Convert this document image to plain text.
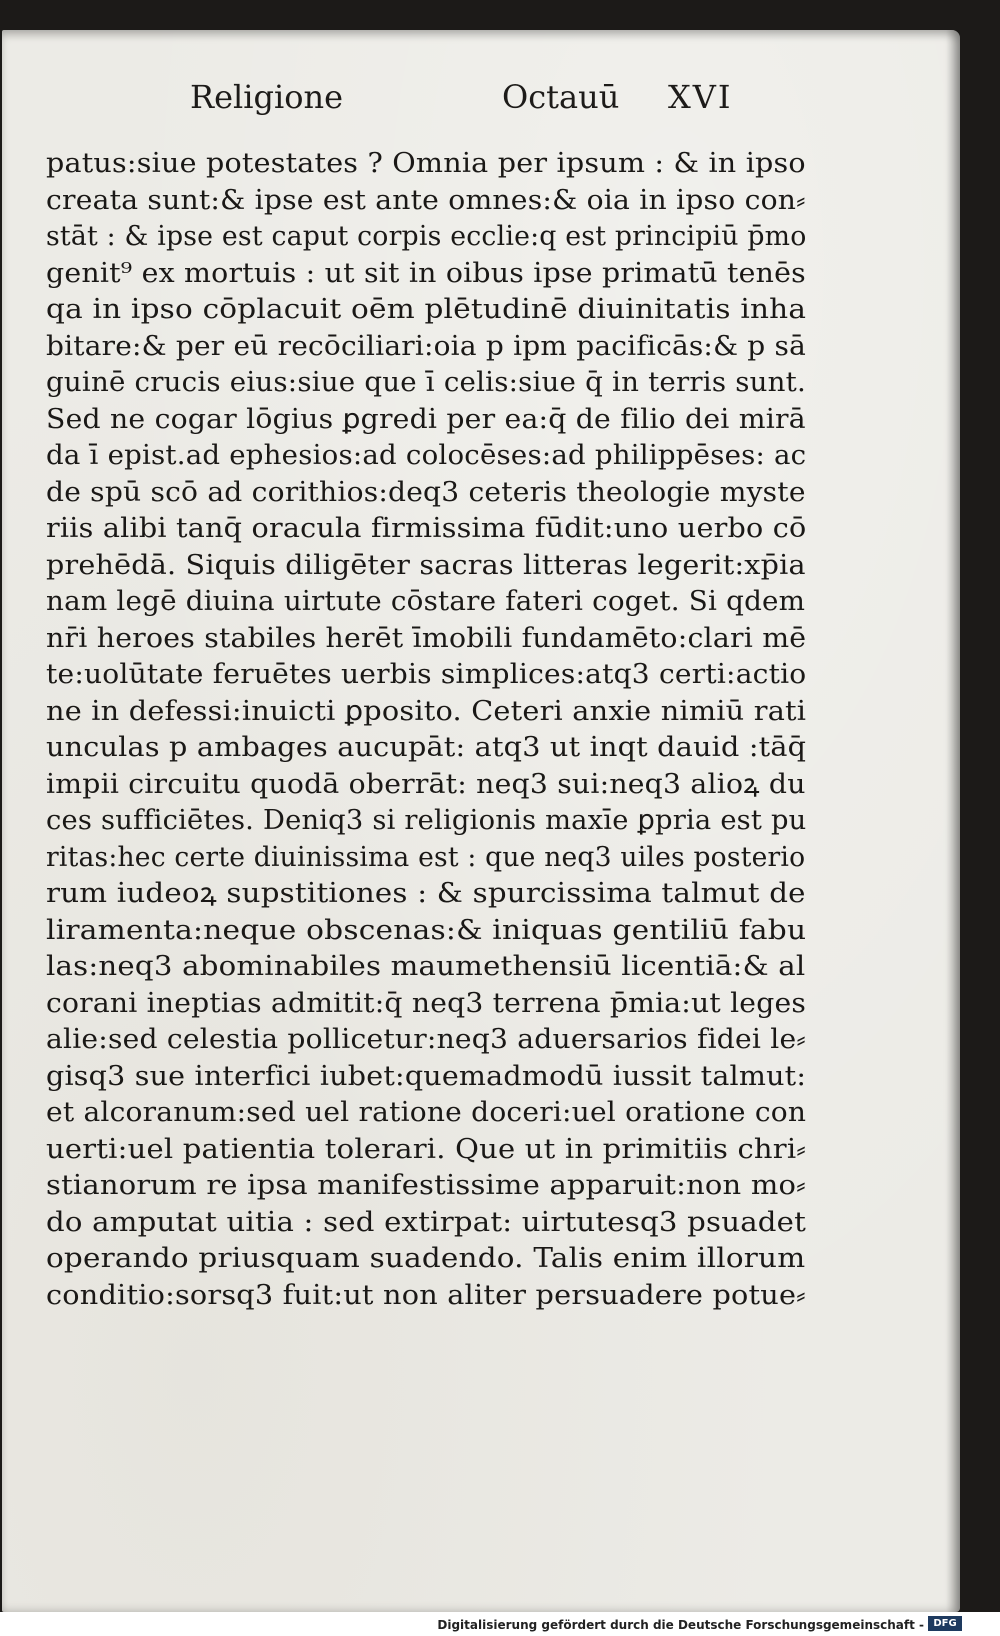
Religione	Octauū XVI
patus:siue potestates ? Omnia per ipsum : & in ipso
creata sunt:& ipse est ante omnes:& oia in ipso con⸗
stāt : & ipse est caput corpis ecclie:q est principiū p̄mo
genit⁹ ex mortuis : ut sit in oibus ipse primatū tenēs
qa in ipso cōplacuit oēm plētudinē diuinitatis inha
bitare:& per eū recōciliari:oia p ipm pacificās:& p sā
guinē crucis eius:siue que ī celis:siue q̄ in terris sunt.
Sed ne cogar lōgius ꝑgredi per ea:q̄ de filio dei mirā
da ī epist.ad ephesios:ad colocēses:ad philippēses: ac
de spū scō ad corithios:deq3 ceteris theologie myste
riis alibi tanq̄ oracula firmissima fūdit:uno uerbo cō
prehēdā. Siquis diligēter sacras litteras legerit:xp̄ia
nam legē diuina uirtute cōstare fateri coget. Si qdem
nr̄i heroes stabiles herēt īmobili fundamēto:clari mē
te:uolūtate feruētes uerbis simplices:atq3 certi:actio
ne in defessi:inuicti ꝑposito. Ceteri anxie nimiū rati
unculas p ambages aucupāt: atq3 ut inqt dauid :tāq̄
impii circuitu quodā oberrāt: neq3 sui:neq3 alioꝝ du
ces sufficiētes. Deniq3 si religionis maxīe ꝑpria est pu
ritas:hec certe diuinissima est : que neq3 uiles posterio
rum iudeoꝝ supstitiones : & spurcissima talmut de
liramenta:neque obscenas:& iniquas gentiliū fabu
las:neq3 abominabiles maumethensiū licentiā:& al
corani ineptias admitit:q̄ neq3 terrena p̄mia:ut leges
alie:sed celestia pollicetur:neq3 aduersarios fidei le⸗
gisq3 sue interfici iubet:quemadmodū iussit talmut:
et alcoranum:sed uel ratione doceri:uel oratione con
uerti:uel patientia tolerari. Que ut in primitiis chri⸗
stianorum re ipsa manifestissime apparuit:non mo⸗
do amputat uitia : sed extirpat: uirtutesq3 psuadet
operando priusquam suadendo. Talis enim illorum
conditio:sorsq3 fuit:ut non aliter persuadere potue⸗
Digitalisierung gefördert durch die Deutsche Forschungsgemeinschaft - DFG
